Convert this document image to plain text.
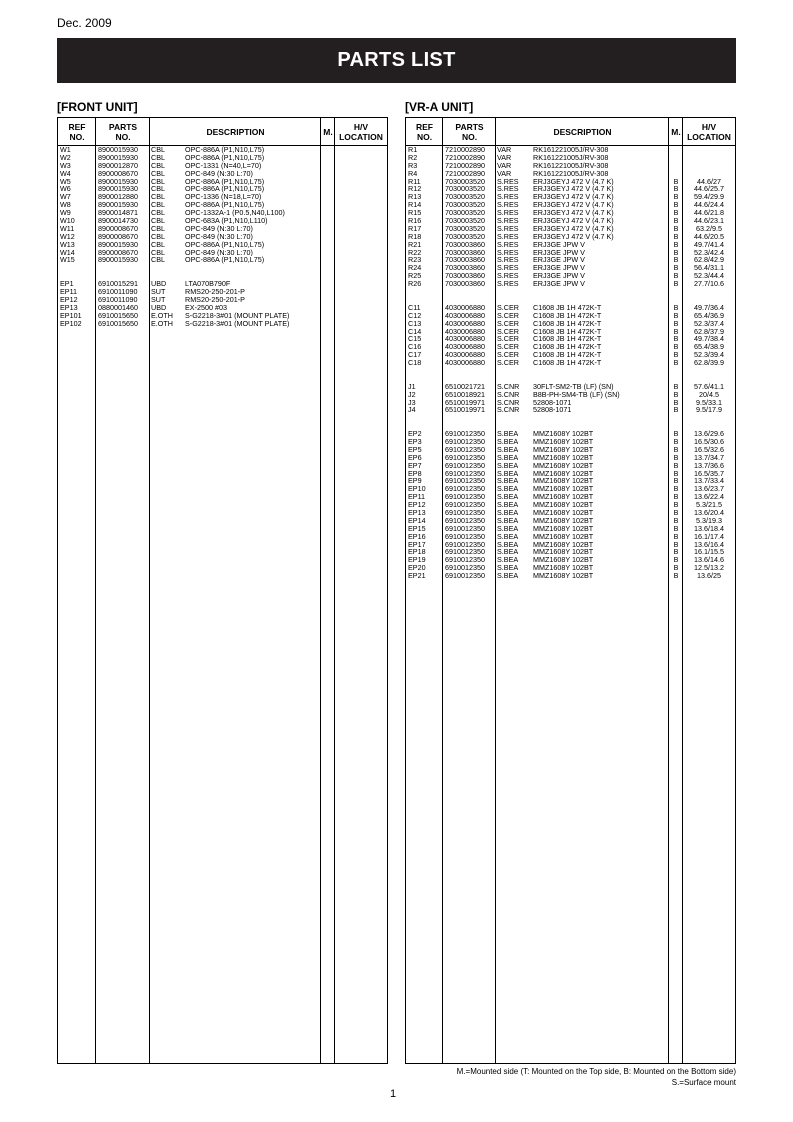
Dec. 2009
PARTS LIST
[FRONT UNIT]	[VR-A UNIT]
REF
NO.
PARTS
NO.	DESCRIPTION	M.	H/V
LOCATION
W1	8900015930	CBL	OPC-886A (P1,N10,L75)
W2	8900015930	CBL	OPC-886A (P1,N10,L75)
W3	8900012870	CBL	OPC-1331 (N=40,L=70)
W4	8900008670	CBL	OPC-849 (N:30 L:70)
W5	8900015930	CBL	OPC-886A (P1,N10,L75)
W6	8900015930	CBL	OPC-886A (P1,N10,L75)
W7	8900012880	CBL	OPC-1336 (N=18,L=70)
W8	8900015930	CBL	OPC-886A (P1,N10,L75)
W9	8900014871	CBL	OPC-1332A-1 (P0.5,N40,L100)
W10	8900014730	CBL	OPC-683A (P1,N10,L110)
W11	8900008670	CBL	OPC-849 (N:30 L:70)
W12	8900008670	CBL	OPC-849 (N:30 L:70)
W13	8900015930	CBL	OPC-886A (P1,N10,L75)
W14	8900008670	CBL	OPC-849 (N:30 L:70)
W15	8900015930	CBL	OPC-886A (P1,N10,L75)
EP1	6910015291	UBD	LTA070B790F
EP11	6910011090	SUT	RMS20-250-201-P
EP12	6910011090	SUT	RMS20-250-201-P
EP13	0880001460	UBD	EX-2500 #03
EP101	6910015650	E.OTH	S-G2218-3#01 (MOUNT PLATE)
EP102	6910015650	E.OTH	S-G2218-3#01 (MOUNT PLATE)
REF
NO.
PARTS
NO.	DESCRIPTION	M.	H/V
LOCATION
R1	7210002890	VAR	RK161221005J/RV-308
R2	7210002890	VAR	RK161221005J/RV-308
R3	7210002890	VAR	RK161221005J/RV-308
R4	7210002890	VAR	RK161221005J/RV-308
R11	7030003520	S.RES	ERJ3GEYJ 472 V (4.7 K)	B	44.6/27
R12	7030003520	S.RES	ERJ3GEYJ 472 V (4.7 K)	B	44.6/25.7
R13	7030003520	S.RES	ERJ3GEYJ 472 V (4.7 K)	B	59.4/29.9
R14	7030003520	S.RES	ERJ3GEYJ 472 V (4.7 K)	B	44.6/24.4
R15	7030003520	S.RES	ERJ3GEYJ 472 V (4.7 K)	B	44.6/21.8
R16	7030003520	S.RES	ERJ3GEYJ 472 V (4.7 K)	B	44.6/23.1
R17	7030003520	S.RES	ERJ3GEYJ 472 V (4.7 K)	B	63.2/9.5
R18	7030003520	S.RES	ERJ3GEYJ 472 V (4.7 K)	B	44.6/20.5
R21	7030003860	S.RES	ERJ3GE JPW V	B	49.7/41.4
R22	7030003860	S.RES	ERJ3GE JPW V	B	52.3/42.4
R23	7030003860	S.RES	ERJ3GE JPW V	B	62.8/42.9
R24	7030003860	S.RES	ERJ3GE JPW V	B	56.4/31.1
R25	7030003860	S.RES	ERJ3GE JPW V	B	52.3/44.4
R26	7030003860	S.RES	ERJ3GE JPW V	B	27.7/10.6
C11	4030006880	S.CER	C1608 JB 1H 472K-T	B	49.7/36.4
C12	4030006880	S.CER	C1608 JB 1H 472K-T	B	65.4/36.9
C13	4030006880	S.CER	C1608 JB 1H 472K-T	B	52.3/37.4
C14	4030006880	S.CER	C1608 JB 1H 472K-T	B	62.8/37.9
C15	4030006880	S.CER	C1608 JB 1H 472K-T	B	49.7/38.4
C16	4030006880	S.CER	C1608 JB 1H 472K-T	B	65.4/38.9
C17	4030006880	S.CER	C1608 JB 1H 472K-T	B	52.3/39.4
C18	4030006880	S.CER	C1608 JB 1H 472K-T	B	62.8/39.9
J1	6510021721	S.CNR	30FLT-SM2-TB (LF) (SN)	B	57.6/41.1
J2	6510018921	S.CNR	B8B-PH-SM4-TB (LF) (SN)	B	20/4.5
J3	6510019971	S.CNR	52808-1071	B	9.5/33.1
J4	6510019971	S.CNR	52808-1071	B	9.5/17.9
EP2	6910012350	S.BEA	MMZ1608Y 102BT	B	13.6/29.6
EP3	6910012350	S.BEA	MMZ1608Y 102BT	B	16.5/30.6
EP5	6910012350	S.BEA	MMZ1608Y 102BT	B	16.5/32.6
EP6	6910012350	S.BEA	MMZ1608Y 102BT	B	13.7/34.7
EP7	6910012350	S.BEA	MMZ1608Y 102BT	B	13.7/36.6
EP8	6910012350	S.BEA	MMZ1608Y 102BT	B	16.5/35.7
EP9	6910012350	S.BEA	MMZ1608Y 102BT	B	13.7/33.4
EP10	6910012350	S.BEA	MMZ1608Y 102BT	B	13.6/23.7
EP11	6910012350	S.BEA	MMZ1608Y 102BT	B	13.6/22.4
EP12	6910012350	S.BEA	MMZ1608Y 102BT	B	5.3/21.5
EP13	6910012350	S.BEA	MMZ1608Y 102BT	B	13.6/20.4
EP14	6910012350	S.BEA	MMZ1608Y 102BT	B	5.3/19.3
EP15	6910012350	S.BEA	MMZ1608Y 102BT	B	13.6/18.4
EP16	6910012350	S.BEA	MMZ1608Y 102BT	B	16.1/17.4
EP17	6910012350	S.BEA	MMZ1608Y 102BT	B	13.6/16.4
EP18	6910012350	S.BEA	MMZ1608Y 102BT	B	16.1/15.5
EP19	6910012350	S.BEA	MMZ1608Y 102BT	B	13.6/14.6
EP20	6910012350	S.BEA	MMZ1608Y 102BT	B	12.5/13.2
EP21	6910012350	S.BEA	MMZ1608Y 102BT	B	13.6/25
M.=Mounted side (T: Mounted on the Top side, B: Mounted on the Bottom side)
S.=Surface mount
1
